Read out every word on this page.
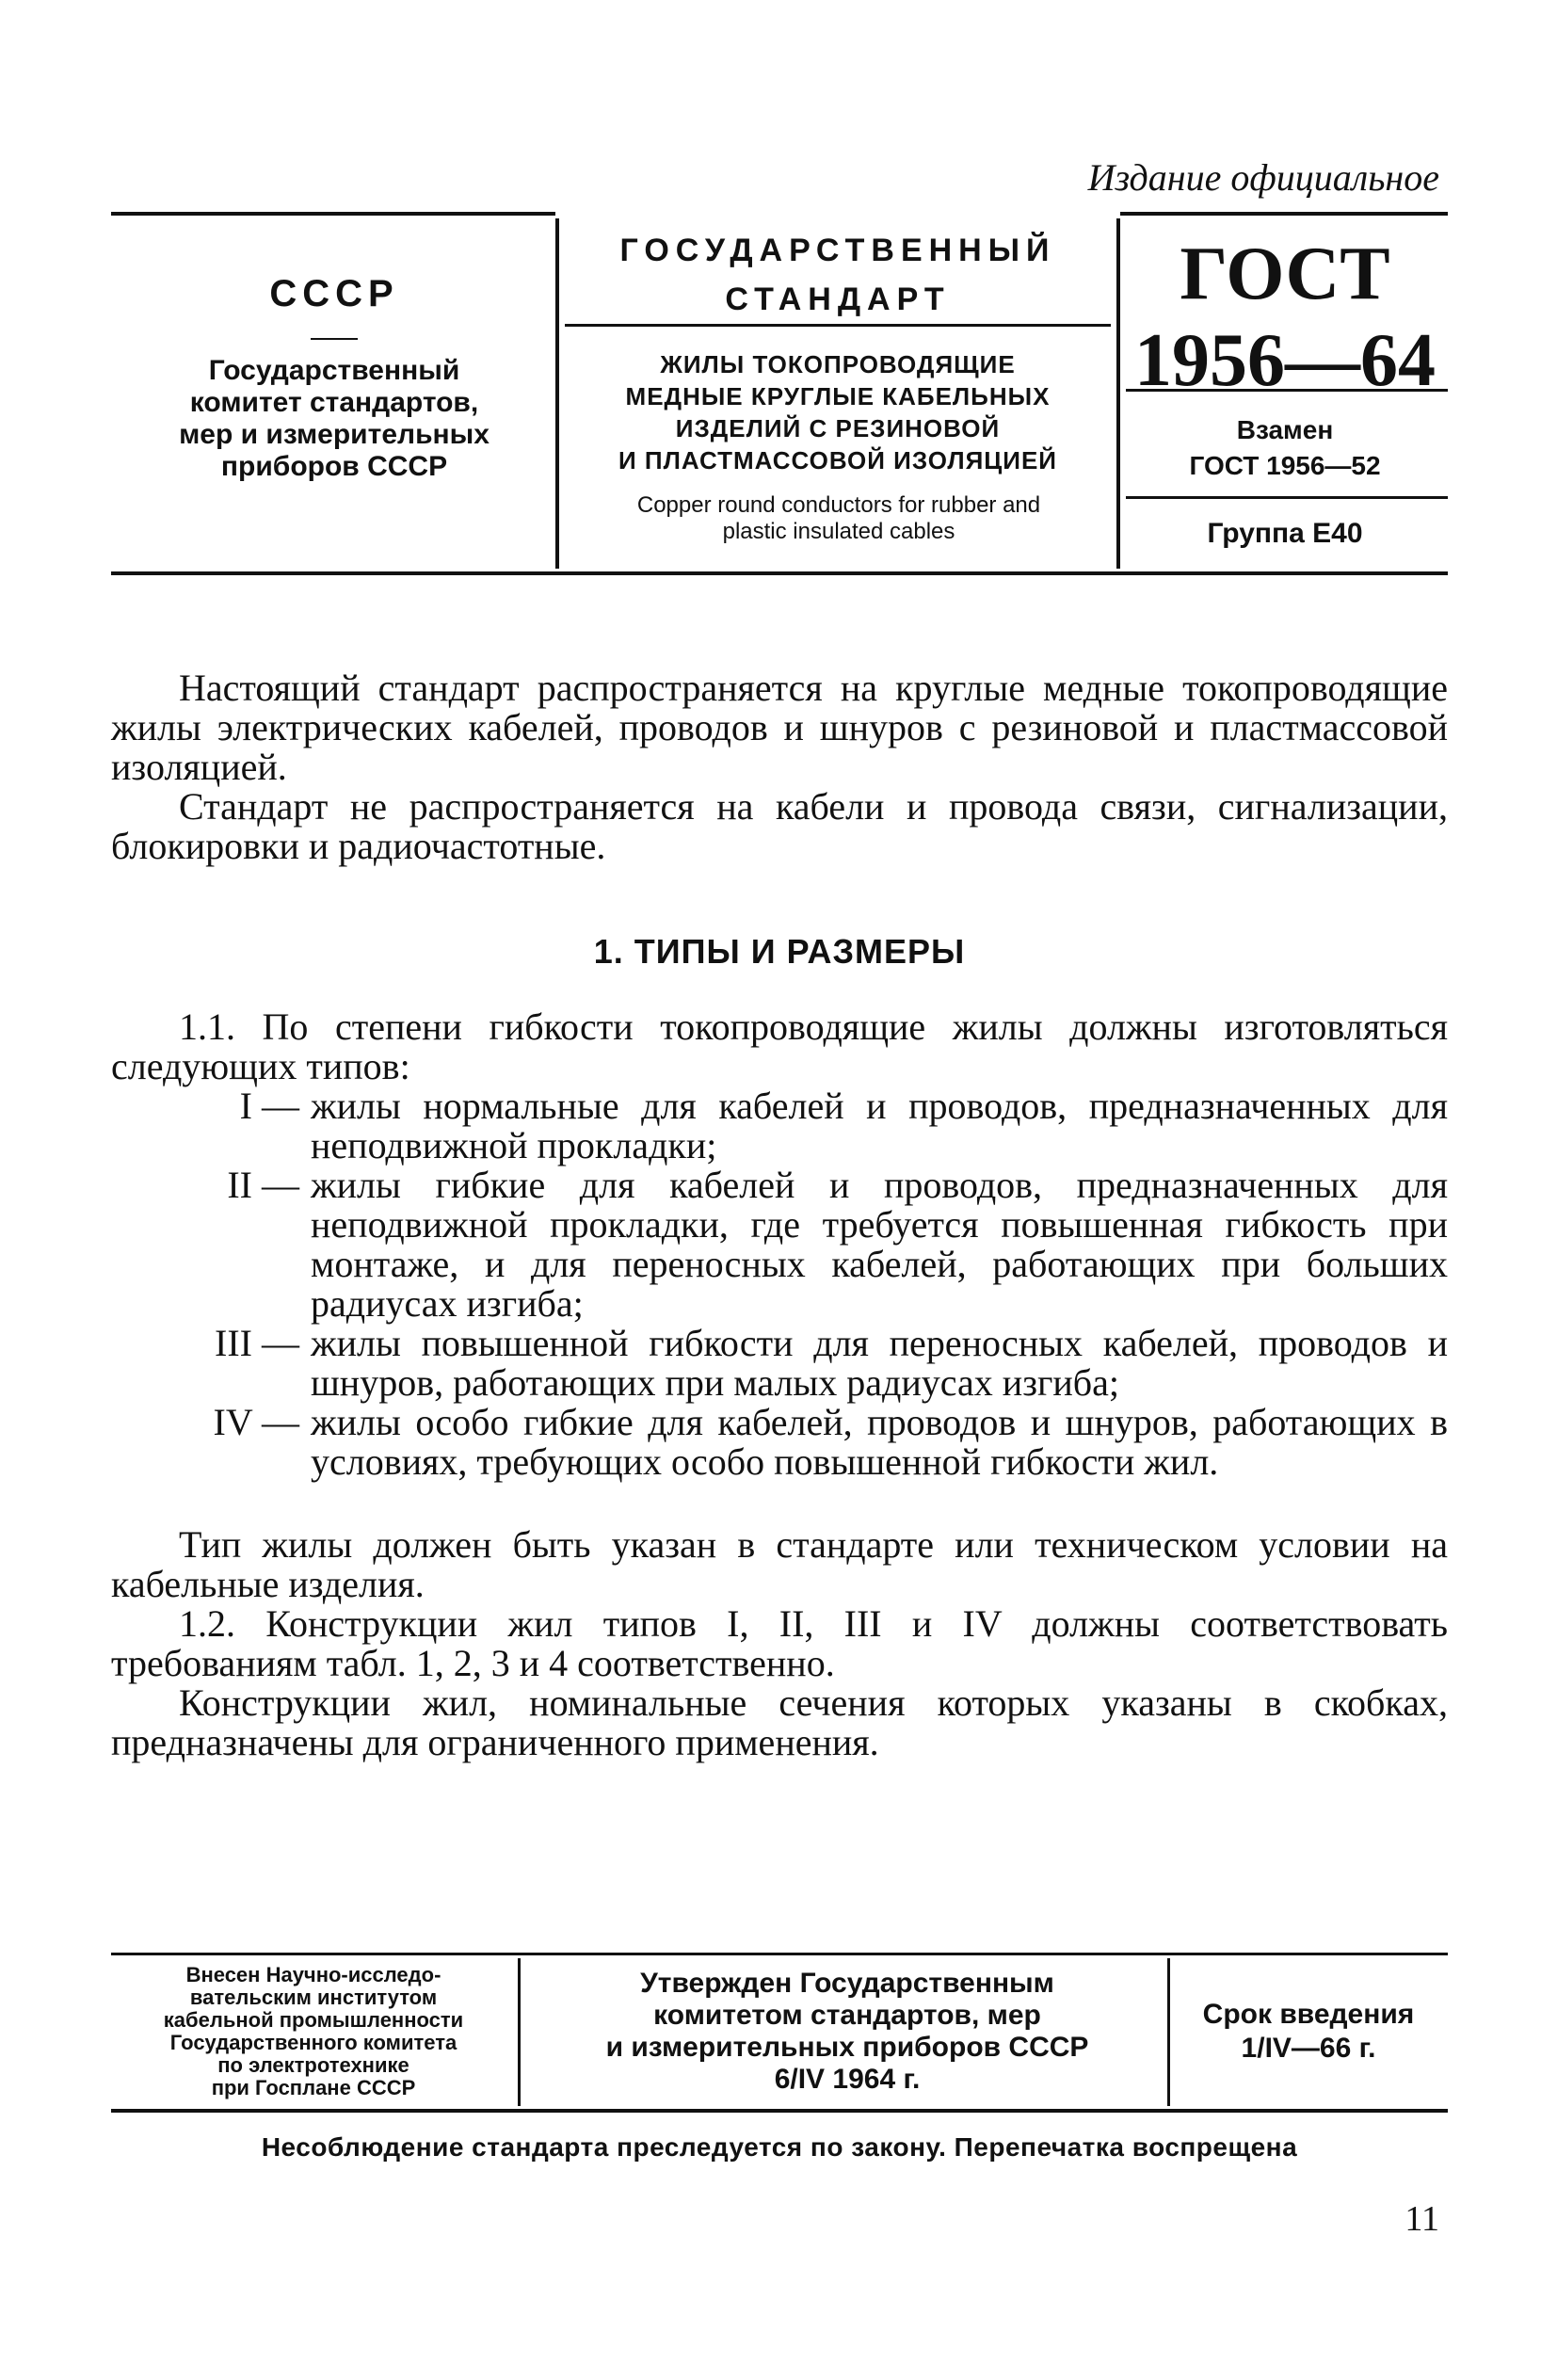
Издание официальное
СССР
Государственный
комитет стандартов,
мер и измерительных
приборов СССР
ГОСУДАРСТВЕННЫЙ
СТАНДАРТ
ЖИЛЫ ТОКОПРОВОДЯЩИЕ
МЕДНЫЕ КРУГЛЫЕ КАБЕЛЬНЫХ
ИЗДЕЛИЙ С РЕЗИНОВОЙ
И ПЛАСТМАССОВОЙ ИЗОЛЯЦИЕЙ
Copper round conductors for rubber and
plastic insulated cables
ГОСТ
1956—64
Взамен
ГОСТ 1956—52
Группа Е40

Настоящий стандарт распространяется на круглые медные токопроводящие жилы электрических кабелей, проводов и шнуров с резиновой и пластмассовой изоляцией.

Стандарт не распространяется на кабели и провода связи, сигнализации, блокировки и радиочастотные.

1. ТИПЫ И РАЗМЕРЫ

1.1. По степени гибкости токопроводящие жилы должны изготовляться следующих типов:

I — жилы нормальные для кабелей и проводов, предназначенных для неподвижной прокладки;
II — жилы гибкие для кабелей и проводов, предназначенных для неподвижной прокладки, где требуется повышенная гибкость при монтаже, и для переносных кабелей, работающих при больших радиусах изгиба;
III — жилы повышенной гибкости для переносных кабелей, проводов и шнуров, работающих при малых радиусах изгиба;
IV — жилы особо гибкие для кабелей, проводов и шнуров, работающих в условиях, требующих особо повышенной гибкости жил.

Тип жилы должен быть указан в стандарте или техническом условии на кабельные изделия.

1.2. Конструкции жил типов I, II, III и IV должны соответствовать требованиям табл. 1, 2, 3 и 4 соответственно.

Конструкции жил, номинальные сечения которых указаны в скобках, предназначены для ограниченного применения.

Внесен Научно-исследо-
вательским институтом
кабельной промышленности
Государственного комитета
по электротехнике
при Госплане СССР
Утвержден Государственным
комитетом стандартов, мер
и измерительных приборов СССР
6/IV 1964 г.
Срок введения
1/IV—66 г.
Несоблюдение стандарта преследуется по закону. Перепечатка воспрещена
11
